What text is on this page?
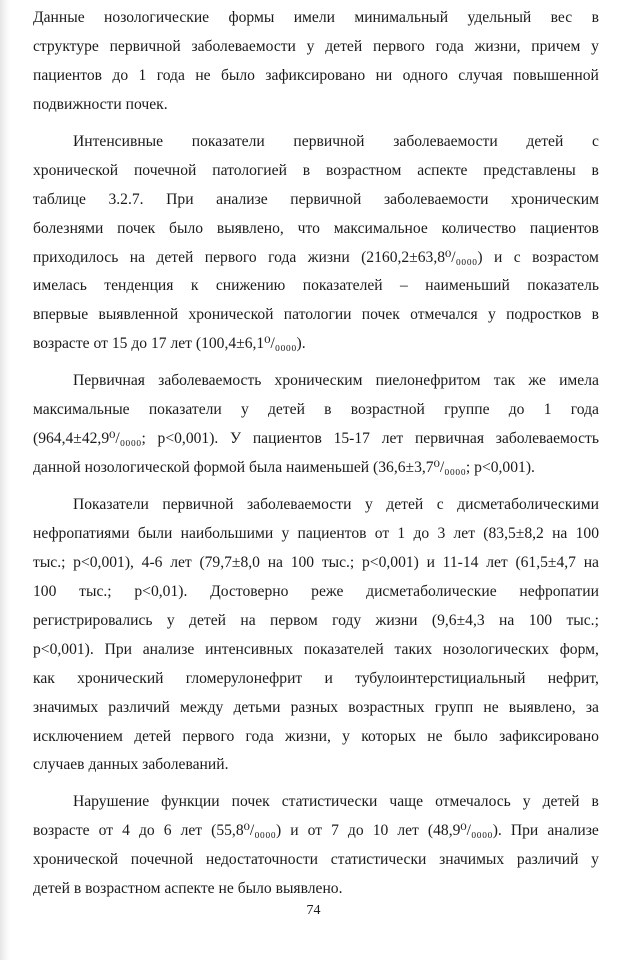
Данные нозологические формы имели минимальный удельный вес в
структуре первичной заболеваемости у детей первого года жизни, причем у
пациентов до 1 года не было зафиксировано ни одного случая повышенной
подвижности почек.
Интенсивные показатели первичной заболеваемости детей с
хронической почечной патологией в возрастном аспекте представлены в
таблице 3.2.7. При анализе первичной заболеваемости хроническим
болезнями почек было выявлено, что максимальное количество пациентов
приходилось на детей первого года жизни (2160,2±63,8⁰/₀₀₀₀) и с возрастом
имелась тенденция к снижению показателей – наименьший показатель
впервые выявленной хронической патологии почек отмечался у подростков в
возрасте от 15 до 17 лет (100,4±6,1⁰/₀₀₀₀).
Первичная заболеваемость хроническим пиелонефритом так же имела
максимальные показатели у детей в возрастной группе до 1 года
(964,4±42,9⁰/₀₀₀₀; p<0,001). У пациентов 15-17 лет первичная заболеваемость
данной нозологической формой была наименьшей (36,6±3,7⁰/₀₀₀₀; p<0,001).
Показатели первичной заболеваемости у детей с дисметаболическими
нефропатиями были наибольшими у пациентов от 1 до 3 лет (83,5±8,2 на 100
тыс.; p<0,001), 4-6 лет (79,7±8,0 на 100 тыс.; p<0,001) и 11-14 лет (61,5±4,7 на
100 тыс.; p<0,01). Достоверно реже дисметаболические нефропатии
регистрировались у детей на первом году жизни (9,6±4,3 на 100 тыс.;
p<0,001). При анализе интенсивных показателей таких нозологических форм,
как хронический гломерулонефрит и тубулоинтерстициальный нефрит,
значимых различий между детьми разных возрастных групп не выявлено, за
исключением детей первого года жизни, у которых не было зафиксировано
случаев данных заболеваний.
Нарушение функции почек статистически чаще отмечалось у детей в
возрасте от 4 до 6 лет (55,8⁰/₀₀₀₀) и от 7 до 10 лет (48,9⁰/₀₀₀₀). При анализе
хронической почечной недостаточности статистически значимых различий у
детей в возрастном аспекте не было выявлено.
74
